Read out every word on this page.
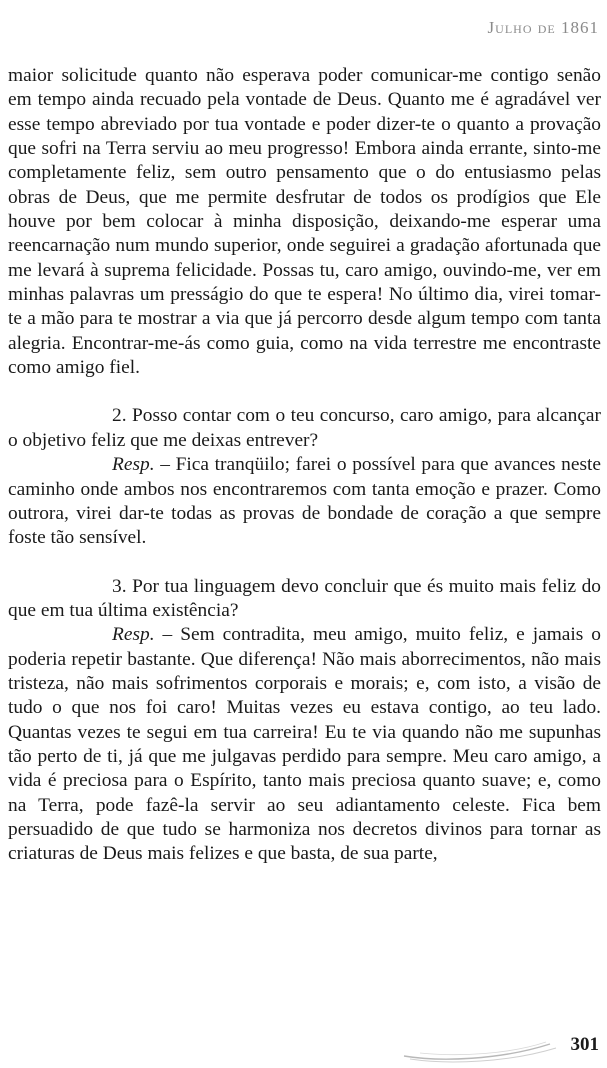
Julho de 1861

maior solicitude quanto não esperava poder comunicar-me contigo senão em tempo ainda recuado pela vontade de Deus. Quanto me é agradável ver esse tempo abreviado por tua vontade e poder dizer-te o quanto a provação que sofri na Terra serviu ao meu progresso! Embora ainda errante, sinto-me completamente feliz, sem outro pensamento que o do entusiasmo pelas obras de Deus, que me permite desfrutar de todos os prodígios que Ele houve por bem colocar à minha disposição, deixando-me esperar uma reencarnação num mundo superior, onde seguirei a gradação afortunada que me levará à suprema felicidade. Possas tu, caro amigo, ouvindo-me, ver em minhas palavras um presságio do que te espera! No último dia, virei tomar-te a mão para te mostrar a via que já percorro desde algum tempo com tanta alegria. Encontrar-me-ás como guia, como na vida terrestre me encontraste como amigo fiel.

2. Posso contar com o teu concurso, caro amigo, para alcançar o objetivo feliz que me deixas entrever?

Resp. – Fica tranqüilo; farei o possível para que avances neste caminho onde ambos nos encontraremos com tanta emoção e prazer. Como outrora, virei dar-te todas as provas de bondade de coração a que sempre foste tão sensível.

3. Por tua linguagem devo concluir que és muito mais feliz do que em tua última existência?

Resp. – Sem contradita, meu amigo, muito feliz, e jamais o poderia repetir bastante. Que diferença! Não mais aborrecimentos, não mais tristeza, não mais sofrimentos corporais e morais; e, com isto, a visão de tudo o que nos foi caro! Muitas vezes eu estava contigo, ao teu lado. Quantas vezes te segui em tua carreira! Eu te via quando não me supunhas tão perto de ti, já que me julgavas perdido para sempre. Meu caro amigo, a vida é preciosa para o Espírito, tanto mais preciosa quanto suave; e, como na Terra, pode fazê-la servir ao seu adiantamento celeste. Fica bem persuadido de que tudo se harmoniza nos decretos divinos para tornar as criaturas de Deus mais felizes e que basta, de sua parte,

301
